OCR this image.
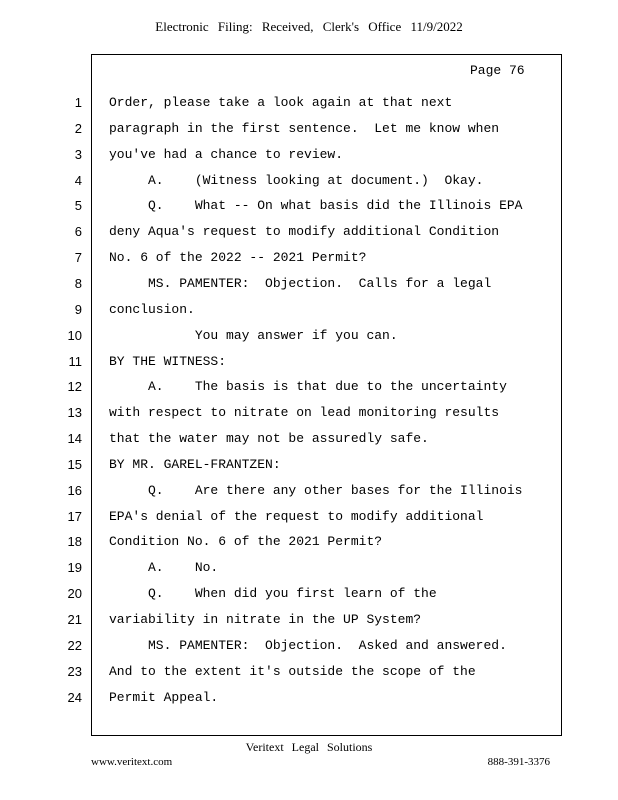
Electronic Filing: Received, Clerk's Office 11/9/2022
Page 76
1 Order, please take a look again at that next
2 paragraph in the first sentence.  Let me know when
3 you've had a chance to review.
4 A.    (Witness looking at document.)  Okay.
5 Q.    What -- On what basis did the Illinois EPA
6 deny Aqua's request to modify additional Condition
7 No. 6 of the 2022 -- 2021 Permit?
8 MS. PAMENTER:  Objection.  Calls for a legal
9 conclusion.
10 You may answer if you can.
11 BY THE WITNESS:
12 A.    The basis is that due to the uncertainty
13 with respect to nitrate on lead monitoring results
14 that the water may not be assuredly safe.
15 BY MR. GAREL-FRANTZEN:
16 Q.    Are there any other bases for the Illinois
17 EPA's denial of the request to modify additional
18 Condition No. 6 of the 2021 Permit?
19 A.    No.
20 Q.    When did you first learn of the
21 variability in nitrate in the UP System?
22 MS. PAMENTER:  Objection.  Asked and answered.
23 And to the extent it's outside the scope of the
24 Permit Appeal.
Veritext Legal Solutions
www.veritext.com	888-391-3376
